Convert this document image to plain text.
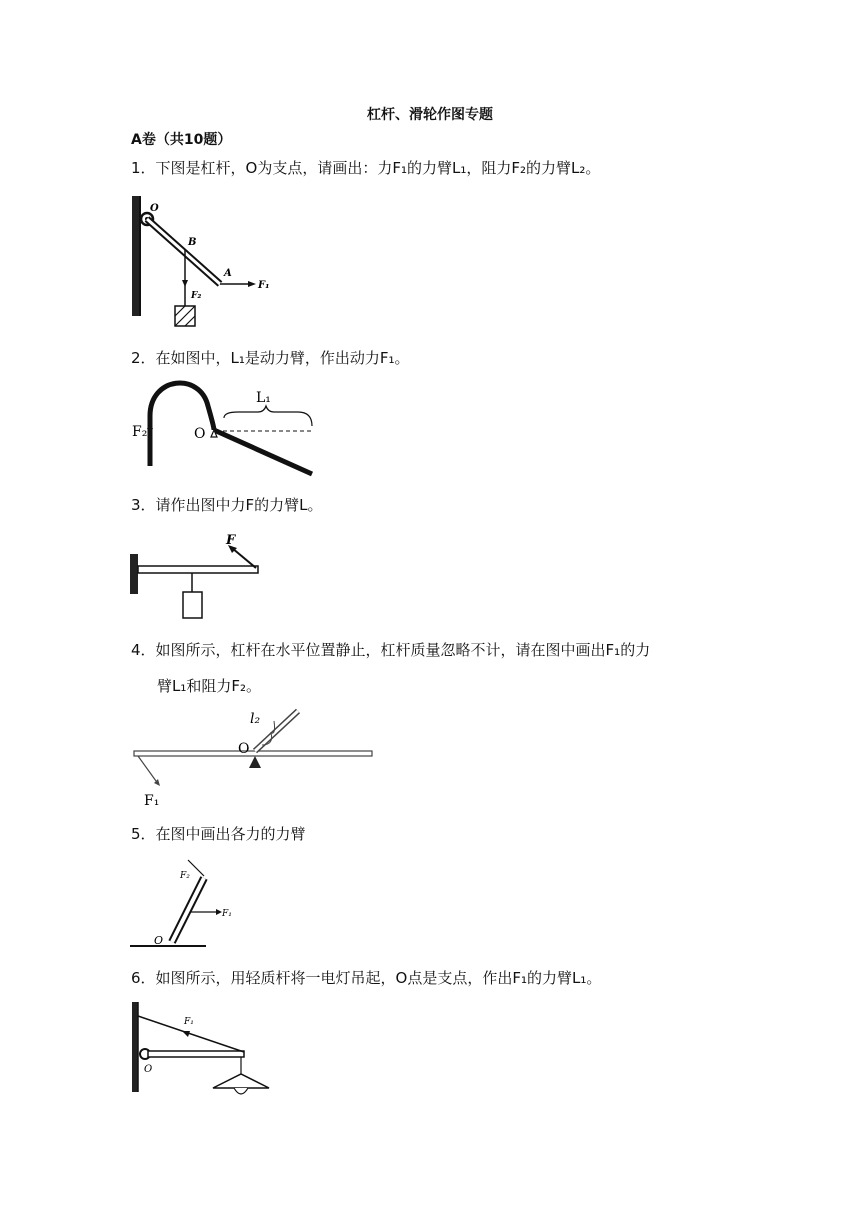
杠杆、滑轮作图专题
A卷（共10题）
1．下图是杠杆，O为支点，请画出：力F₁的力臂L₁，阻力F₂的力臂L₂。
O
B
A
F₁
F₂
2．在如图中，L₁是动力臂，作出动力F₁。
L₁
F₂	O
3．请作出图中力F的力臂L。
F
4．如图所示，杠杆在水平位置静止，杠杆质量忽略不计，请在图中画出F₁的力
臂L₁和阻力F₂。
l₂
O
F₁
5．在图中画出各力的力臂
F₂
F₁
O
6．如图所示，用轻质杆将一电灯吊起，O点是支点，作出F₁的力臂L₁。
F₁
O
